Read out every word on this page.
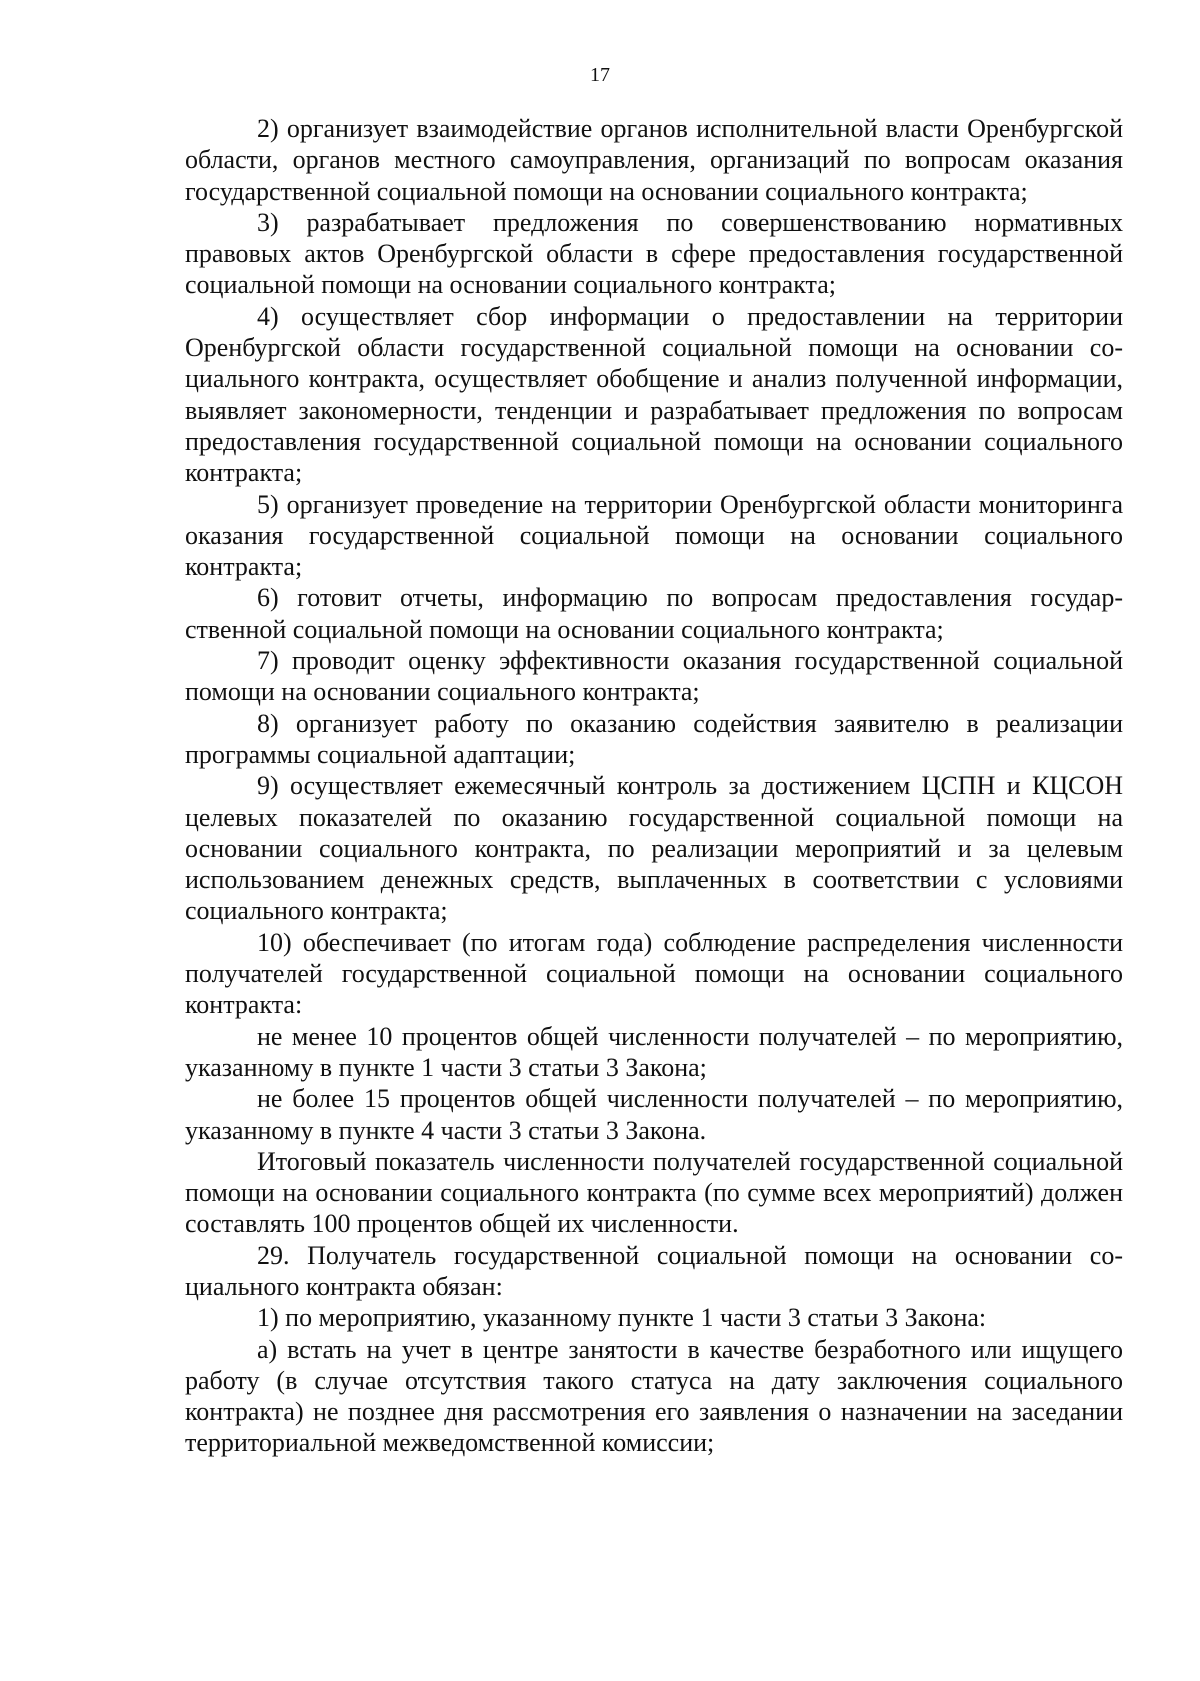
17

2) организует взаимодействие органов исполнительной власти Оренбургской области, органов местного самоуправления, организаций по вопросам оказания государственной социальной помощи на основании социального контракта;

3) разрабатывает предложения по совершенствованию нормативных правовых актов Оренбургской области в сфере предоставления государственной социальной помощи на основании социального контракта;

4) осуществляет сбор информации о предоставлении на территории Оренбургской области государственной социальной помощи на основании социального контракта, осуществляет обобщение и анализ полученной информации, выявляет закономерности, тенденции и разрабатывает предложения по вопросам предоставления государственной социальной помощи на основании социального контракта;

5) организует проведение на территории Оренбургской области мониторинга оказания государственной социальной помощи на основании социального контракта;

6) готовит отчеты, информацию по вопросам предоставления государственной социальной помощи на основании социального контракта;

7) проводит оценку эффективности оказания государственной социальной помощи на основании социального контракта;

8) организует работу по оказанию содействия заявителю в реализации программы социальной адаптации;

9) осуществляет ежемесячный контроль за достижением ЦСПН и КЦСОН целевых показателей по оказанию государственной социальной помощи на основании социального контракта, по реализации мероприятий и за целевым использованием денежных средств, выплаченных в соответствии с условиями социального контракта;

10) обеспечивает (по итогам года) соблюдение распределения численности получателей государственной социальной помощи на основании социального контракта:

не менее 10 процентов общей численности получателей – по мероприятию, указанному в пункте 1 части 3 статьи 3 Закона;

не более 15 процентов общей численности получателей – по мероприятию, указанному в пункте 4 части 3 статьи 3 Закона.

Итоговый показатель численности получателей государственной социальной помощи на основании социального контракта (по сумме всех мероприятий) должен составлять 100 процентов общей их численности.

29. Получатель государственной социальной помощи на основании социального контракта обязан:

1) по мероприятию, указанному пункте 1 части 3 статьи 3 Закона:

а) встать на учет в центре занятости в качестве безработного или ищущего работу (в случае отсутствия такого статуса на дату заключения социального контракта) не позднее дня рассмотрения его заявления о назначении на заседании территориальной межведомственной комиссии;
